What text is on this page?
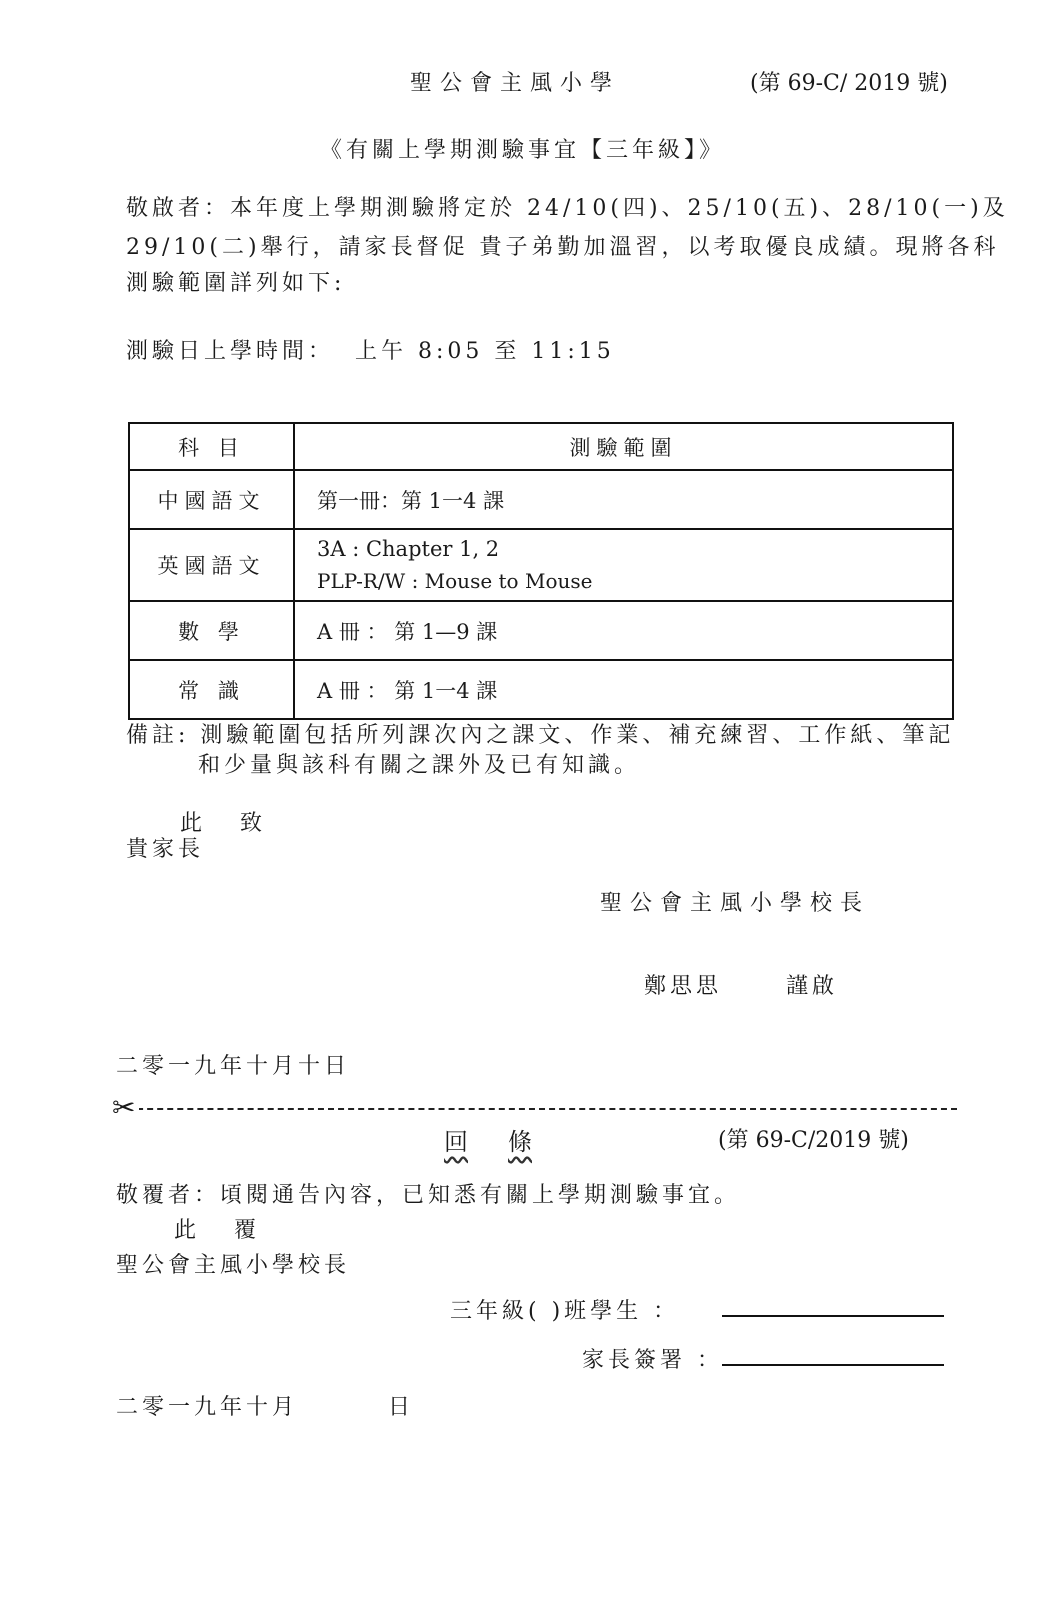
聖公會主風小學	(第 69-C/ 2019 號)
《有關上學期測驗事宜【三年級】》
敬啟者：本年度上學期測驗將定於 24/10(四)、25/10(五)、28/10(一)及
29/10(二)舉行，請家長督促 貴子弟勤加溫習，以考取優良成績。現將各科
測驗範圍詳列如下:
測驗日上學時間： 上午 8:05 至 11:15
科 目	測驗範圍
中國語文	第一冊：第 1一4 課
英國語文	3A : Chapter 1, 2
PLP-R/W : Mouse to Mouse

數 學	A 冊 ： 第 1—9 課
常 識	A 冊 ： 第 1一4 課
備註: 測驗範圍包括所列課次內之課文、作業、補充練習、工作紙、筆記
和少量與該科有關之課外及已有知識。
此 致
貴家長
聖公會主風小學校長
鄭思思	謹啟
二零一九年十月十日
✂
回 條	(第 69-C/2019 號)
敬覆者：頃閱通告內容，已知悉有關上學期測驗事宜。
此 覆
聖公會主風小學校長
三年級( )班學生 ：
家長簽署 ：
二零一九年十月	日
